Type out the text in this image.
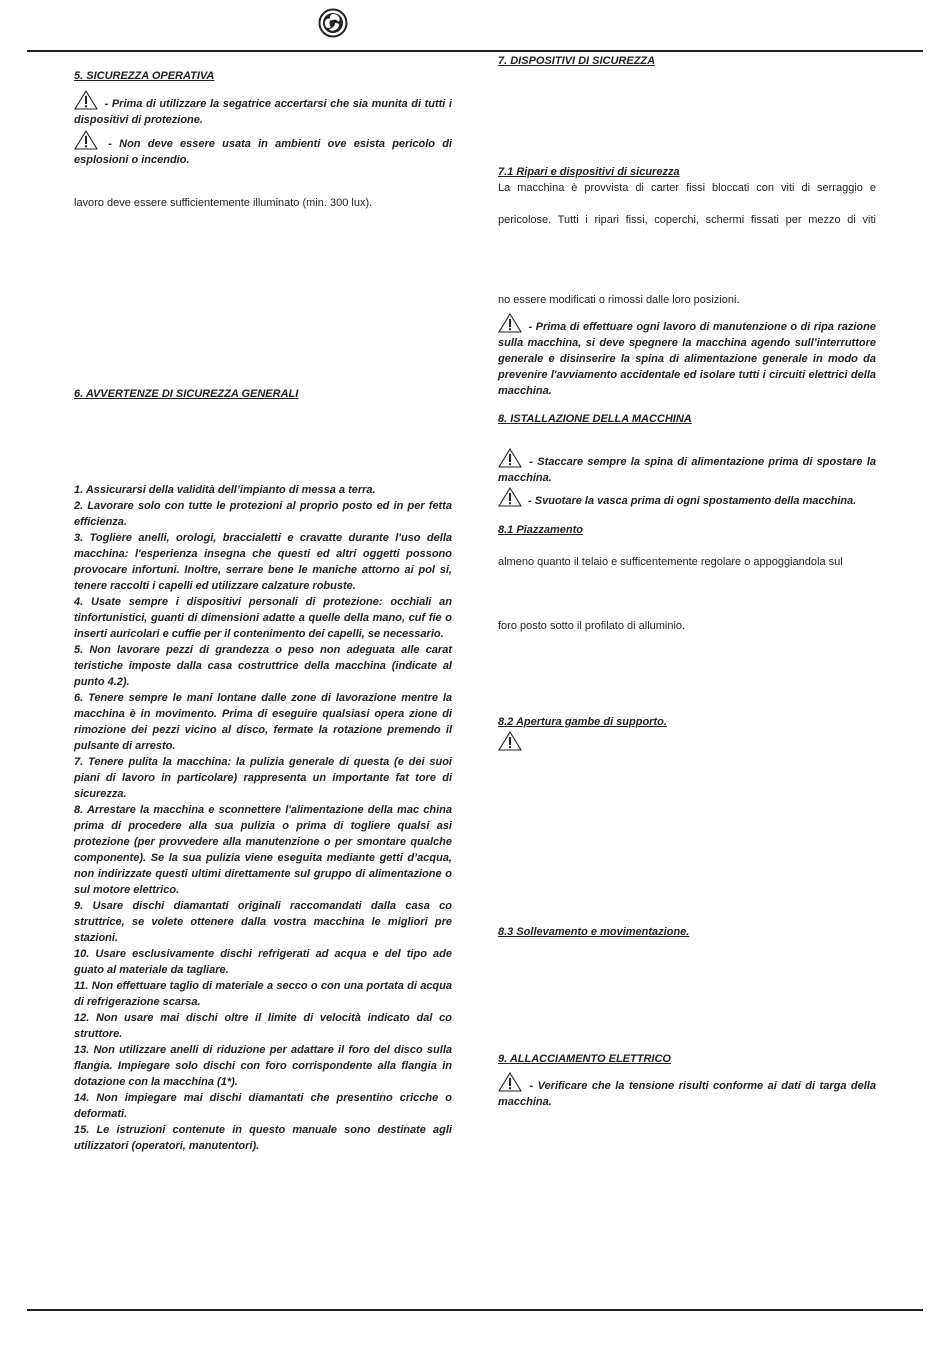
5. SICUREZZA OPERATIVA
- Prima di utilizzare la segatrice accertarsi che sia munita di tutti i dispositivi di protezione.
- Non deve essere usata in ambienti ove esista pericolo di esplosioni o incendio.
lavoro deve essere sufficientemente illuminato (min. 300 lux).
6. AVVERTENZE DI SICUREZZA GENERALI
1. Assicurarsi della validità dell’impianto di messa a terra.
2. Lavorare solo con tutte le protezioni al proprio posto ed in per fetta efficienza.
3. Togliere anelli, orologi, braccialetti e cravatte durante l'uso della macchina: l'esperienza insegna che questi ed altri oggetti possono provocare infortuni. Inoltre, serrare bene le maniche attorno ai pol si, tenere raccolti i capelli ed utilizzare calzature robuste.
4. Usate sempre i dispositivi personali di protezione: occhiali an tinfortunistici, guanti di dimensioni adatte a quelle della mano, cuf fie o inserti auricolari e cuffie per il contenimento dei capelli, se necessario.
5. Non lavorare pezzi di grandezza o peso non adeguata alle carat teristiche imposte dalla casa costruttrice della macchina (indicate al punto 4.2).
6. Tenere sempre le mani lontane dalle zone di lavorazione mentre la macchina è in movimento. Prima di eseguire qualsiasi opera zione di rimozione dei pezzi vicino al disco, fermate la rotazione premendo il pulsante di arresto.
7. Tenere pulita la macchina: la pulizia generale di questa (e dei suoi piani di lavoro in particolare) rappresenta un importante fat tore di sicurezza.
8. Arrestare la macchina e sconnettere l'alimentazione della mac china prima di procedere alla sua pulizia o prima di togliere qualsi asi protezione (per provvedere alla manutenzione o per smontare qualche componente). Se la sua pulizia viene eseguita mediante getti d’acqua, non indirizzate questi ultimi direttamente sul gruppo di alimentazione o sul motore elettrico.
9. Usare dischi diamantati originali raccomandati dalla casa co struttrice, se volete ottenere dalla vostra macchina le migliori pre stazioni.
10. Usare esclusivamente dischi refrigerati ad acqua e del tipo ade guato al materiale da tagliare.
11. Non effettuare taglio di materiale a secco o con una portata di acqua di refrigerazione scarsa.
12. Non usare mai dischi oltre il limite di velocità indicato dal co struttore.
13. Non utilizzare anelli di riduzione per adattare il foro del disco sulla flangia. Impiegare solo dischi con foro corrispondente alla flangia in dotazione con la macchina (1*).
14. Non impiegare mai dischi diamantati che presentino cricche o deformati.
15. Le istruzioni contenute in questo manuale sono destinate agli utilizzatori (operatori, manutentori).
7. DISPOSITIVI DI SICUREZZA
7.1 Ripari e dispositivi di sicurezza
La macchina è provvista di carter fissi bloccati con viti di serraggio e
pericolose. Tutti i ripari fissi, coperchi, schermi fissati per mezzo di viti
no essere modificati o rimossi dalle loro posizioni.
- Prima di effettuare ogni lavoro di manutenzione o di ripa razione sulla macchina, si deve spegnere la macchina agendo sull’interruttore generale e disinserire la spina di alimentazione generale in modo da prevenire l'avviamento accidentale ed isolare tutti i circuiti elettrici della macchina.
8. ISTALLAZIONE DELLA MACCHINA
- Staccare sempre la spina di alimentazione prima di spostare la macchina.
- Svuotare la vasca prima di ogni spostamento della macchina.
8.1 Piazzamento
almeno quanto il telaio e sufficentemente regolare o appoggiandola sul
foro posto sotto il profilato di alluminio.
8.2 Apertura gambe di supporto.
8.3 Sollevamento e movimentazione.
9. ALLACCIAMENTO ELETTRICO
- Verificare che la tensione risulti conforme ai dati di targa della macchina.
